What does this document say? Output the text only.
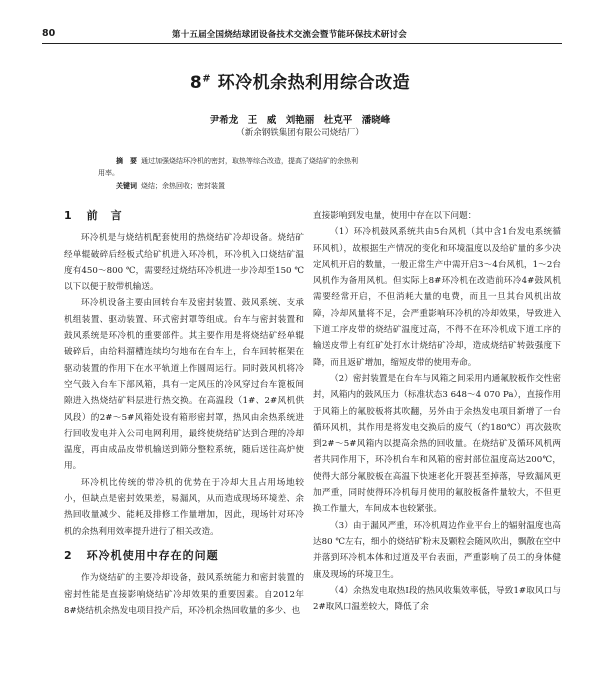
80	第十五届全国烧结球团设备技术交流会暨节能环保技术研讨会
8# 环冷机余热利用综合改造
尹希龙　王　威　刘艳丽　杜克平　潘晓峰
（新余钢铁集团有限公司烧结厂）
摘　要 通过加强烧结环冷机的密封，取热等综合改造，提高了烧结矿的余热利
用率。
关键词 烧结；余热回收；密封装置
1 前　言

环冷机是与烧结机配套使用的热烧结矿冷却设备。烧结矿经单辊破碎后经板式给矿机进入环冷机，环冷机入口烧结矿温度有450～800 ℃，需要经过烧结环冷机进一步冷却至150 ℃以下以便于胶带机输送。

环冷机设备主要由回转台车及密封装置、鼓风系统、支承机组装置、驱动装置、环式密封罩等组成。台车与密封装置和鼓风系统是环冷机的重要部件。其主要作用是将烧结矿经单辊破碎后，由给料溜槽连续均匀地布在台车上，台车回转框架在驱动装置的作用下在水平轨道上作圆周运行。同时鼓风机将冷空气鼓入台车下部风箱，具有一定风压的冷风穿过台车篦板间隙进入热烧结矿料层进行热交换。在高温段（1#、2#风机供风段）的2#～5#风箱处设有箱形密封罩，热风由余热系统进行回收发电并入公司电网利用，最终使烧结矿达到合理的冷却温度，再由成品皮带机输送到筛分整粒系统，随后送往高炉使用。

环冷机比传统的带冷机的优势在于冷却大且占用场地较小，但缺点是密封效果差，易漏风，从而造成现场环境差、余热回收量减少、能耗及排修工作量增加，因此，现场针对环冷机的余热利用效率提升进行了相关改造。

2 环冷机使用中存在的问题

作为烧结矿的主要冷却设备，鼓风系统能力和密封装置的密封性能是直接影响烧结矿冷却效果的重要因素。自2012年8#烧结机余热发电项目投产后，环冷机余热回收量的多少、也

直接影响到发电量，使用中存在以下问题：

（1）环冷机鼓风系统共由5台风机（其中含1台发电系统循环风机），故根据生产情况的变化和环境温度以及给矿量的多少决定风机开启的数量，一般正常生产中需开启3～4台风机，1～2台风机作为备用风机。但实际上8#环冷机在改造前环冷4#鼓风机需要经常开启，不但消耗大量的电费，而且一旦其台风机出故障，冷却风量将不足，会严重影响环冷机的冷却效果，导致进入下道工序皮带的烧结矿温度过高，不得不在环冷机成下道工序的输送皮带上有红矿处打水计烧结矿冷却，造成烧结矿转鼓强度下降，而且返矿增加，缩短皮带的使用寿命。

（2）密封装置是在台车与风箱之间采用内通氟胶板作交性密封，风箱内的鼓风压力（标准状态3 648～4 070 Pa），直接作用于风箱上的氟胶板将其吹翻，另外由于余热发电项目新增了一台循环风机，其作用是将发电交换后的废气（约180℃）再次鼓吹到2#～5#风箱内以提高余热的回收量。在烧结矿及循环风机两者共同作用下，环冷机台车和风箱的密封部位温度高达200℃，使得大部分氟胶板在高温下快速老化开裂甚至掉落，导致漏风更加严重，同时使得环冷机每月使用的氟胶板备件量较大，不但更换工作量大，车间成本也较紧张。

（3）由于漏风严重，环冷机周边作业平台上的辐射温度也高达80 ℃左右，细小的烧结矿粉末及颗粒会随风吹出，飘散在空中并落到环冷机本体和过道及平台表面，严重影响了员工的身体健康及现场的环境卫生。

（4）余热发电取热Ⅰ段的热风收集效率低，导致1#取风口与2#取风口温差较大，降低了余
